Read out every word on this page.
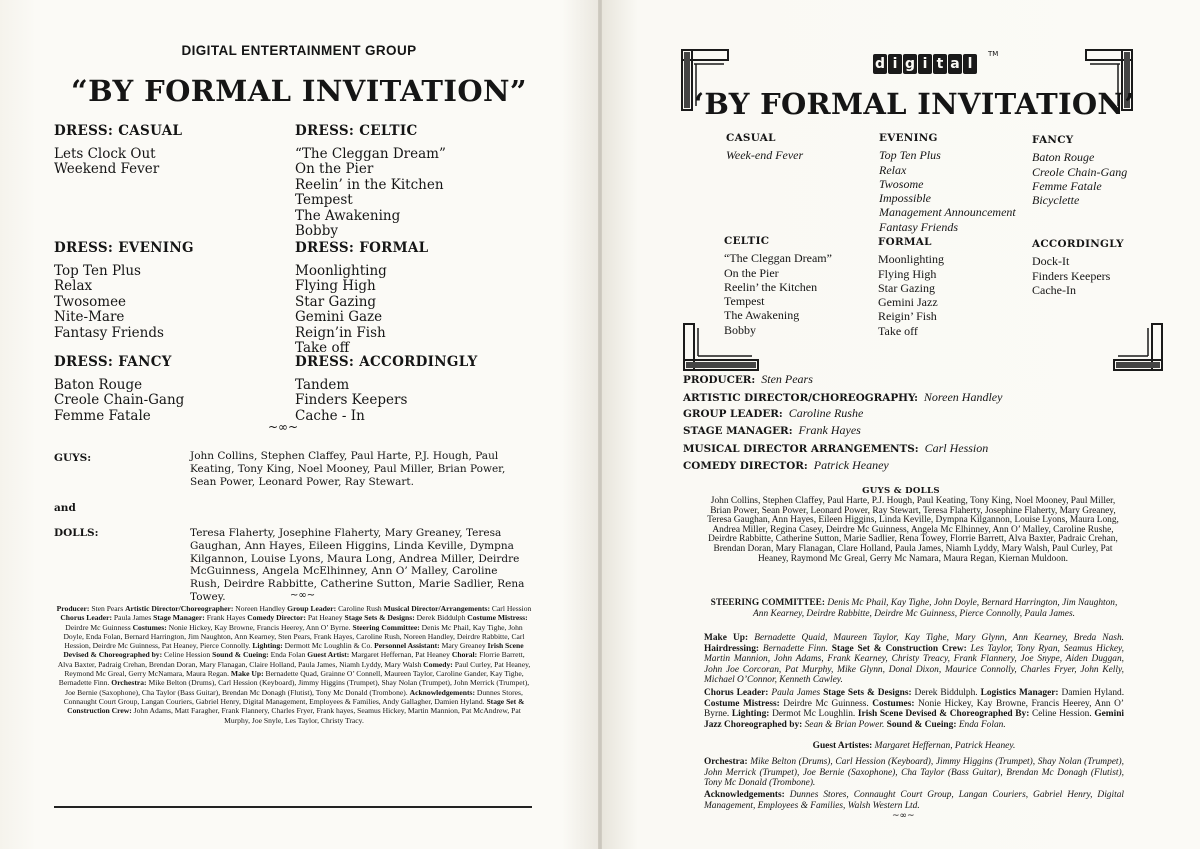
DIGITAL ENTERTAINMENT GROUP
“BY FORMAL INVITATION”
DRESS: CASUAL
Lets Clock Out
Weekend Fever
DRESS: CELTIC
“The Cleggan Dream”
On the Pier
Reelin’ in the Kitchen
Tempest
The Awakening
Bobby
DRESS: EVENING
Top Ten Plus
Relax
Twosomee
Nite-Mare
Fantasy Friends
DRESS: FORMAL
Moonlighting
Flying High
Star Gazing
Gemini Gaze
Reign’in Fish
Take off
DRESS: FANCY
Baton Rouge
Creole Chain-Gang
Femme Fatale
DRESS: ACCORDINGLY
Tandem
Finders Keepers
Cache - In
~∞~
GUYS:	John Collins, Stephen Claffey, Paul Harte, P.J. Hough, Paul Keating, Tony King, Noel Mooney, Paul Miller, Brian Power, Sean Power, Leonard Power, Ray Stewart.
and
DOLLS:	Teresa Flaherty, Josephine Flaherty, Mary Greaney, Teresa Gaughan, Ann Hayes, Eileen Higgins, Linda Keville, Dympna Kilgannon, Louise Lyons, Maura Long, Andrea Miller, Deirdre McGuinness, Angela McElhinney, Ann O’ Malley, Caroline Rush, Deirdre Rabbitte, Catherine Sutton, Marie Sadlier, Rena Towey.	~∞~
Producer: Sten Pears Artistic Director/Choreographer: Noreen Handley Group Leader: Caroline Rush Musical Director/Arrangements: Carl Hession Chorus Leader: Paula James Stage Manager: Frank Hayes Comedy Director: Pat Heaney Stage Sets & Designs: Derek Biddulph Costume Mistress: Deirdre Mc Guinness Costumes: Nonie Hickey, Kay Browne, Francis Heerey, Ann O’ Byrne. Steering Committee: Denis Mc Phail, Kay Tighe, John Doyle, Enda Folan, Bernard Harrington, Jim Naughton, Ann Kearney, Sten Pears, Frank Hayes, Caroline Rush, Noreen Handley, Deirdre Rabbitte, Carl Hession, Deirdre Mc Guinness, Pat Heaney, Pierce Connolly. Lighting: Dermott Mc Loughlin & Co. Personnel Assistant: Mary Greaney Irish Scene Devised & Choreographed by: Celine Hession Sound & Cueing: Enda Folan Guest Artist: Margaret Heffernan, Pat Heaney Choral: Florrie Barrett, Alva Baxter, Padraig Crehan, Brendan Doran, Mary Flanagan, Claire Holland, Paula James, Niamh Lyddy, Mary Walsh Comedy: Paul Curley, Pat Heaney, Reymond Mc Greal, Gerry McNamara, Maura Regan. Make Up: Bernadette Quad, Grainne O’ Connell, Maureen Taylor, Caroline Gander, Kay Tighe, Bernadette Finn. Orchestra: Mike Belton (Drums), Carl Hession (Keyboard), Jimmy Higgins (Trumpet), Shay Nolan (Trumpet), John Merrick (Trumpet), Joe Bernie (Saxophone), Cha Taylor (Bass Guitar), Brendan Mc Donagh (Flutist), Tony Mc Donald (Trombone). Acknowledgements: Dunnes Stores, Connaught Court Group, Langan Couriers, Gabriel Henry, Digital Management, Employees & Families, Andy Gallagher, Damien Hyland. Stage Set & Construction Crew: John Adams, Matt Faragher, Frank Flannery, Charles Fryer, Frank hayes, Seamus Hickey, Martin Mannion, Pat McAndrew, Pat Murphy, Joe Snyle, Les Taylor, Christy Tracy.
d i g i t a l
TM
‘BY FORMAL INVITATION’
CASUAL
Week-end Fever
EVENING
Top Ten Plus
Relax
Twosome
Impossible
Management Announcement
Fantasy Friends
FANCY
Baton Rouge
Creole Chain-Gang
Femme Fatale
Bicyclette
CELTIC
“The Cleggan Dream”
On the Pier
Reelin’ the Kitchen
Tempest
The Awakening
Bobby
FORMAL
Moonlighting
Flying High
Star Gazing
Gemini Jazz
Reigin’ Fish
Take off
ACCORDINGLY
Dock-It
Finders Keepers
Cache-In
PRODUCER: Sten Pears
ARTISTIC DIRECTOR/CHOREOGRAPHY: Noreen Handley
GROUP LEADER: Caroline Rushe
STAGE MANAGER: Frank Hayes
MUSICAL DIRECTOR ARRANGEMENTS: Carl Hession
COMEDY DIRECTOR: Patrick Heaney
GUYS & DOLLS
John Collins, Stephen Claffey, Paul Harte, P.J. Hough, Paul Keating, Tony King, Noel Mooney, Paul Miller, Brian Power, Sean Power, Leonard Power, Ray Stewart, Teresa Flaherty, Josephine Flaherty, Mary Greaney, Teresa Gaughan, Ann Hayes, Eileen Higgins, Linda Keville, Dympna Kilgannon, Louise Lyons, Maura Long, Andrea Miller, Regina Casey, Deirdre Mc Guinness, Angela Mc Elhinney, Ann O’ Malley, Caroline Rushe, Deirdre Rabbitte, Catherine Sutton, Marie Sadlier, Rena Towey, Florrie Barrett, Alva Baxter, Padraic Crehan, Brendan Doran, Mary Flanagan, Clare Holland, Paula James, Niamh Lyddy, Mary Walsh, Paul Curley, Pat Heaney, Raymond Mc Greal, Gerry Mc Namara, Maura Regan, Kiernan Muldoon.
STEERING COMMITTEE: Denis Mc Phail, Kay Tighe, John Doyle, Bernard Harrington, Jim Naughton, Ann Kearney, Deirdre Rabbitte, Deirdre Mc Guinness, Pierce Connolly, Paula James.
Make Up: Bernadette Quaid, Maureen Taylor, Kay Tighe, Mary Glynn, Ann Kearney, Breda Nash. Hairdressing: Bernadette Finn. Stage Set & Construction Crew: Les Taylor, Tony Ryan, Seamus Hickey, Martin Mannion, John Adams, Frank Kearney, Christy Treacy, Frank Flannery, Joe Snype, Aiden Duggan, John Joe Corcoran, Pat Murphy, Mike Glynn, Donal Dixon, Maurice Connolly, Charles Fryer, John Kelly, Michael O’Connor, Kenneth Cawley.
Chorus Leader: Paula James Stage Sets & Designs: Derek Biddulph. Logistics Manager: Damien Hyland. Costume Mistress: Deirdre Mc Guinness. Costumes: Nonie Hickey, Kay Browne, Francis Heerey, Ann O’ Byrne. Lighting: Dermot Mc Loughlin. Irish Scene Devised & Choreographed By: Celine Hession. Gemini Jazz Choreographed by: Sean & Brian Power. Sound & Cueing: Enda Folan.
Guest Artistes: Margaret Heffernan, Patrick Heaney.
Orchestra: Mike Belton (Drums), Carl Hession (Keyboard), Jimmy Higgins (Trumpet), Shay Nolan (Trumpet), John Merrick (Trumpet), Joe Bernie (Saxophone), Cha Taylor (Bass Guitar), Brendan Mc Donagh (Flutist), Tony Mc Donald (Trombone).
Acknowledgements: Dunnes Stores, Connaught Court Group, Langan Couriers, Gabriel Henry, Digital Management, Employees & Families, Walsh Western Ltd.
~∞~
